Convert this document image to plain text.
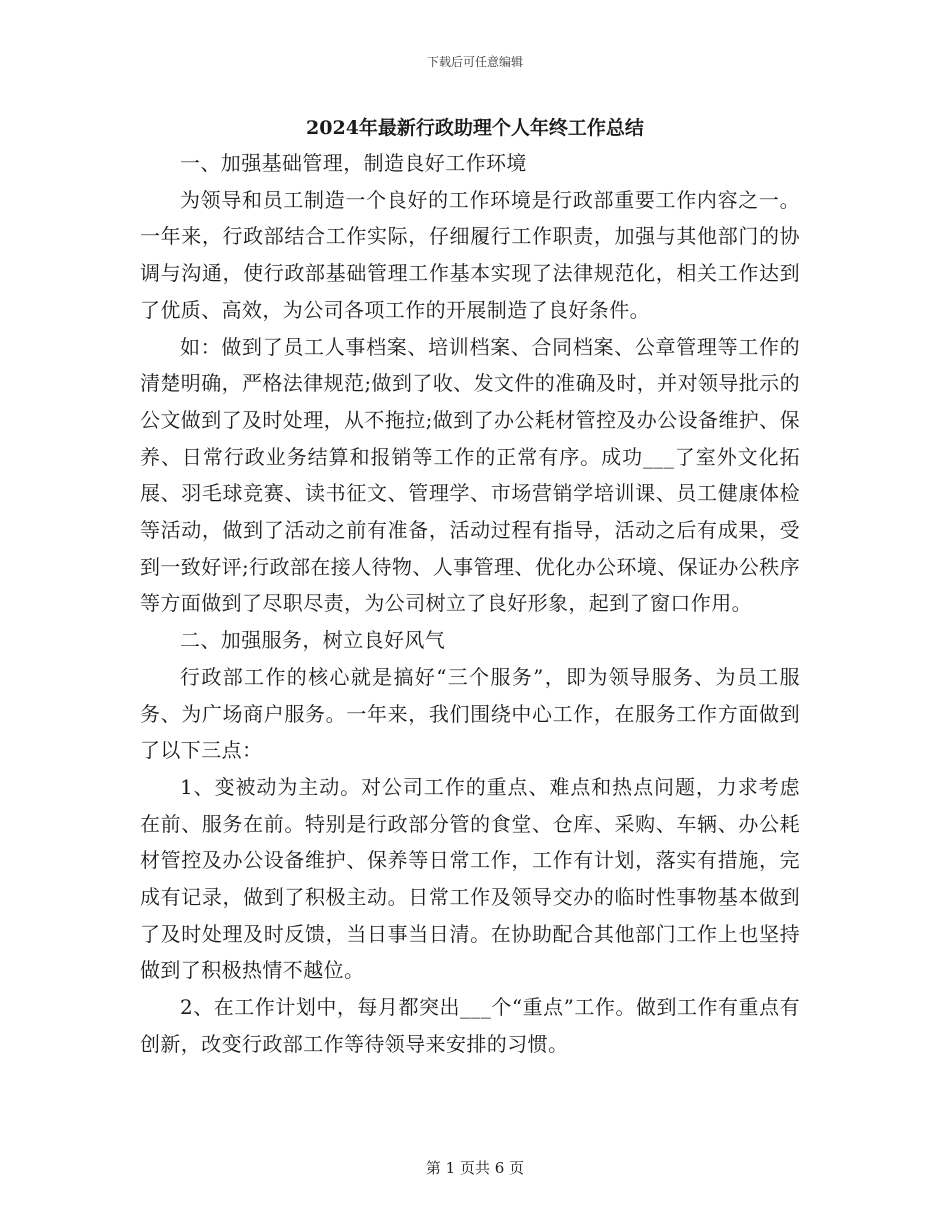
下载后可任意编辑
2024年最新行政助理个人年终工作总结

一、加强基础管理，制造良好工作环境

为领导和员工制造一个良好的工作环境是行政部重要工作内容之一。一年来，行政部结合工作实际，仔细履行工作职责，加强与其他部门的协调与沟通，使行政部基础管理工作基本实现了法律规范化，相关工作达到了优质、高效，为公司各项工作的开展制造了良好条件。

如：做到了员工人事档案、培训档案、合同档案、公章管理等工作的清楚明确，严格法律规范;做到了收、发文件的准确及时，并对领导批示的公文做到了及时处理，从不拖拉;做到了办公耗材管控及办公设备维护、保养、日常行政业务结算和报销等工作的正常有序。成功___了室外文化拓展、羽毛球竞赛、读书征文、管理学、市场营销学培训课、员工健康体检等活动，做到了活动之前有准备，活动过程有指导，活动之后有成果，受到一致好评;行政部在接人待物、人事管理、优化办公环境、保证办公秩序等方面做到了尽职尽责，为公司树立了良好形象，起到了窗口作用。

二、加强服务，树立良好风气

行政部工作的核心就是搞好“三个服务”，即为领导服务、为员工服务、为广场商户服务。一年来，我们围绕中心工作，在服务工作方面做到了以下三点：

1、变被动为主动。对公司工作的重点、难点和热点问题，力求考虑在前、服务在前。特别是行政部分管的食堂、仓库、采购、车辆、办公耗材管控及办公设备维护、保养等日常工作，工作有计划，落实有措施，完成有记录，做到了积极主动。日常工作及领导交办的临时性事物基本做到了及时处理及时反馈，当日事当日清。在协助配合其他部门工作上也坚持做到了积极热情不越位。

2、在工作计划中，每月都突出___个“重点”工作。做到工作有重点有创新，改变行政部工作等待领导来安排的习惯。

第 1 页共 6 页
